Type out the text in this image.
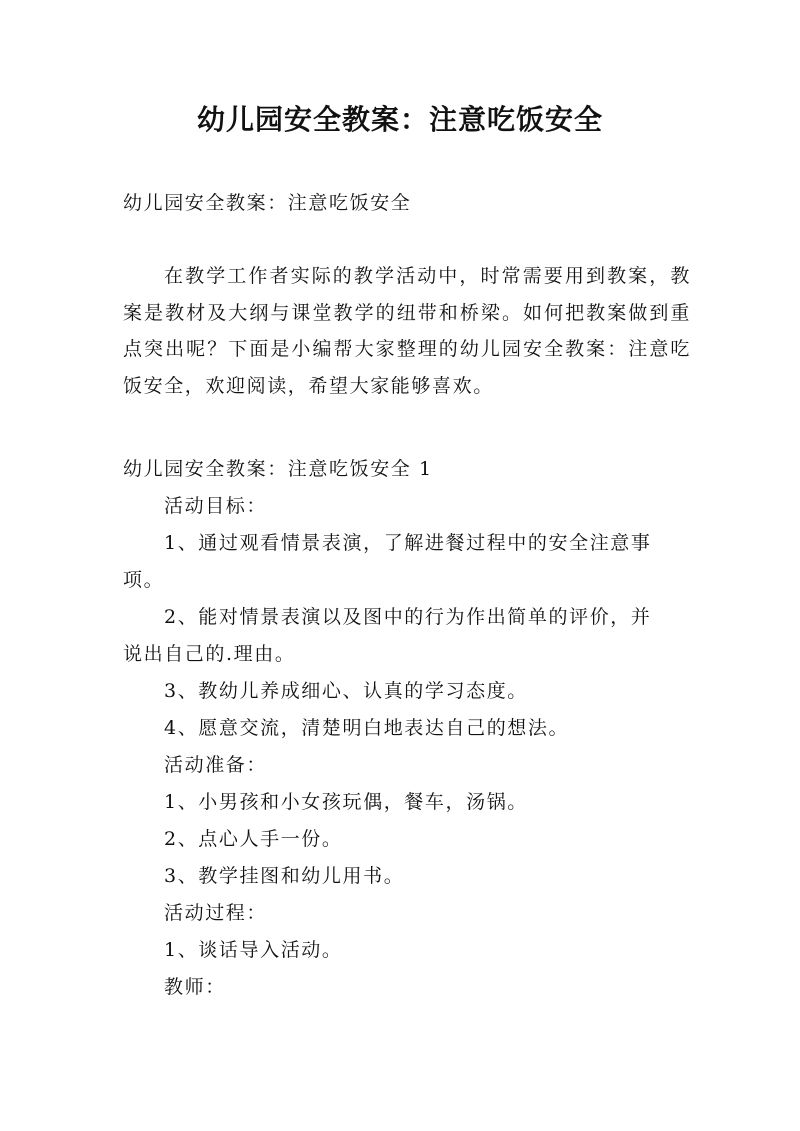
幼儿园安全教案：注意吃饭安全
幼儿园安全教案：注意吃饭安全
在教学工作者实际的教学活动中，时常需要用到教案，教案是教材及大纲与课堂教学的纽带和桥梁。如何把教案做到重点突出呢？下面是小编帮大家整理的幼儿园安全教案：注意吃饭安全，欢迎阅读，希望大家能够喜欢。
幼儿园安全教案：注意吃饭安全 1
活动目标：
1、通过观看情景表演，了解进餐过程中的安全注意事
项。
2、能对情景表演以及图中的行为作出简单的评价，并
说出自己的.理由。
3、教幼儿养成细心、认真的学习态度。
4、愿意交流，清楚明白地表达自己的想法。
活动准备：
1、小男孩和小女孩玩偶，餐车，汤锅。
2、点心人手一份。
3、教学挂图和幼儿用书。
活动过程：
1、谈话导入活动。
教师：
